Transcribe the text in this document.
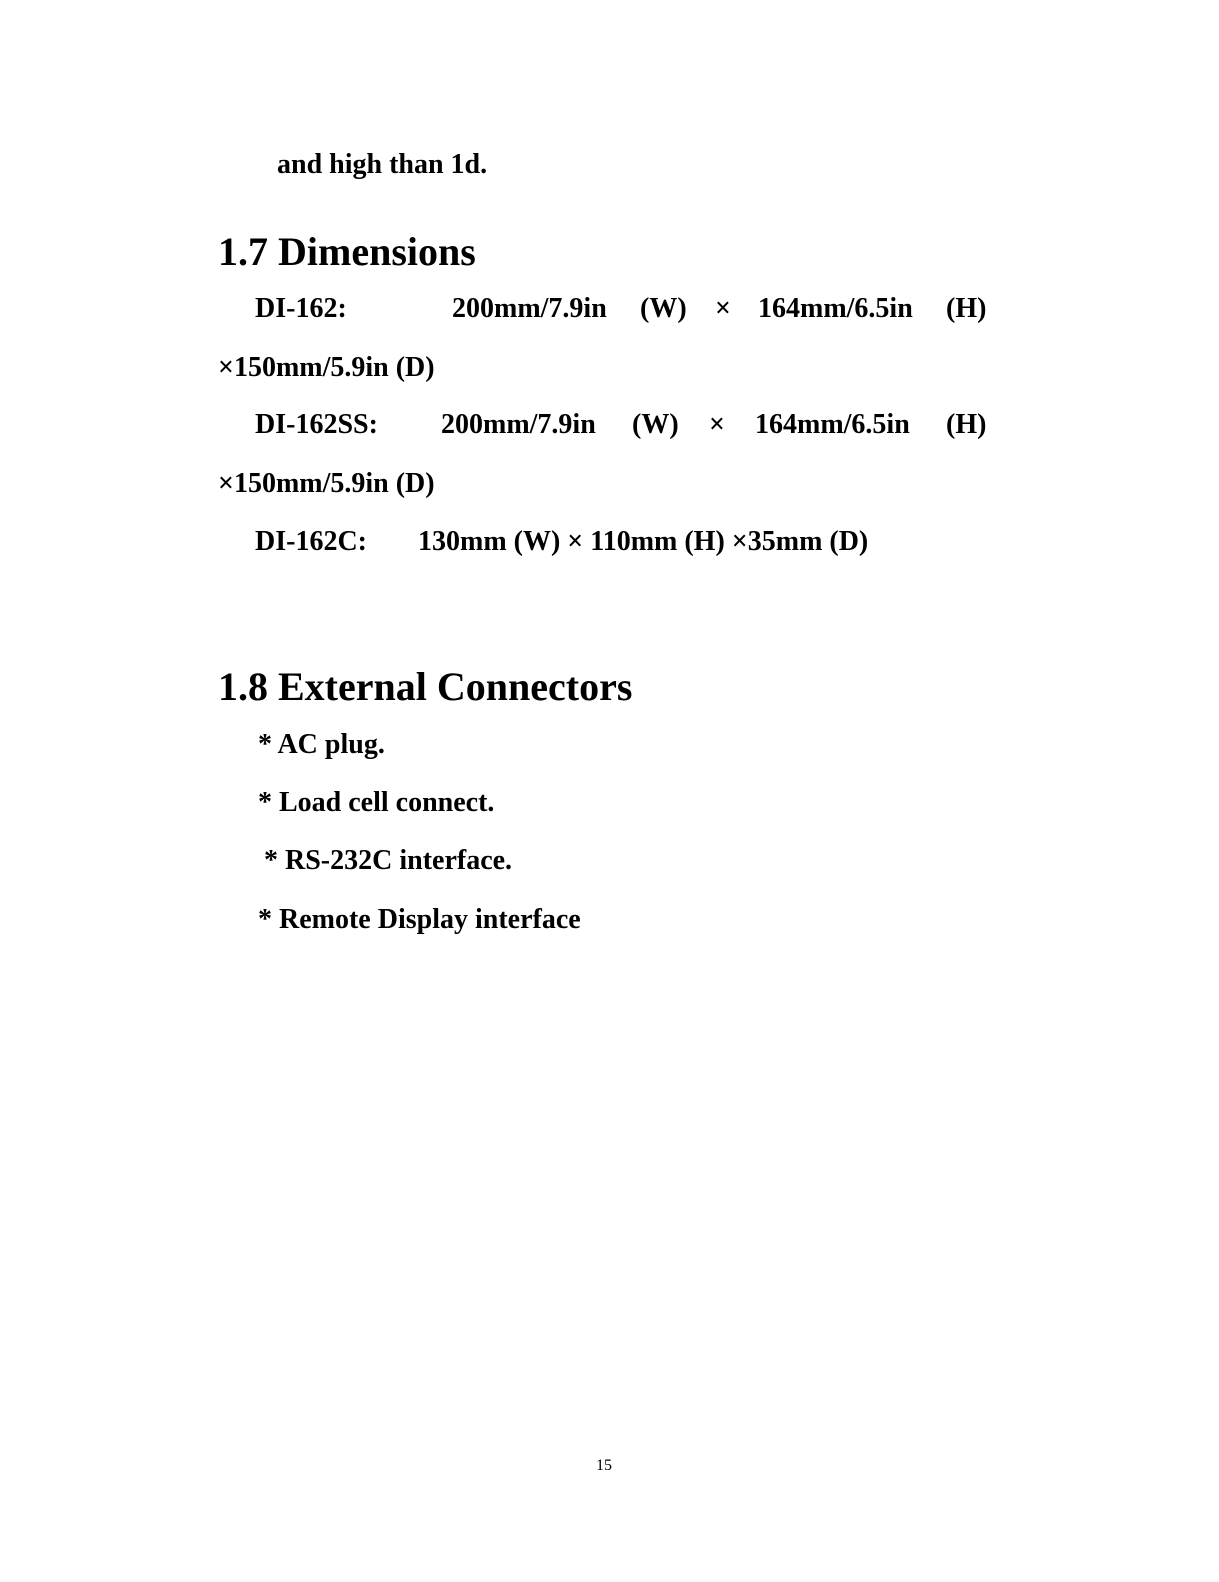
and high than 1d.

1.7 Dimensions
DI-162:	200mm/7.9in (W) × 164mm/6.5in (H)

×150mm/5.9in (D)

DI-162SS: 200mm/7.9in (W) × 164mm/6.5in (H)

×150mm/5.9in (D)

DI-162C: 130mm (W) × 110mm (H) ×35mm (D)
1.8 External Connectors

* AC plug.

* Load cell connect.

* RS-232C interface.

* Remote Display interface

15
